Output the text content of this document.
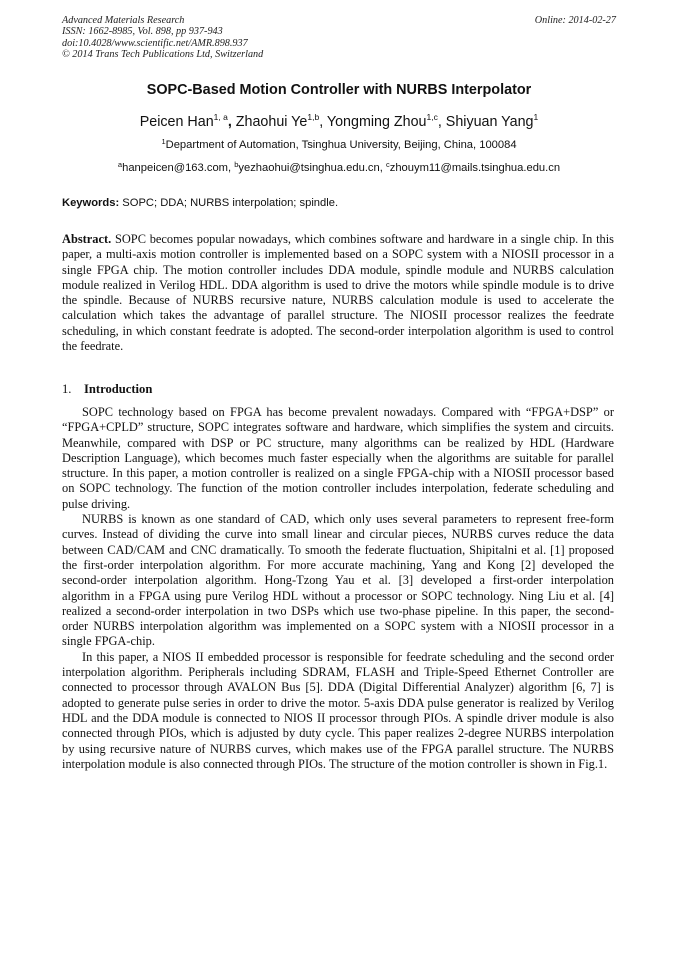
Advanced Materials Research
ISSN: 1662-8985, Vol. 898, pp 937-943
doi:10.4028/www.scientific.net/AMR.898.937
© 2014 Trans Tech Publications Ltd, Switzerland
Online: 2014-02-27
SOPC-Based Motion Controller with NURBS Interpolator
Peicen Han$^{1, a}$, Zhaohui Ye$^{1,b}$, Yongming Zhou$^{1,c}$, Shiyuan Yang$^1$
$^1$Department of Automation, Tsinghua University, Beijing, China, 100084
$^a$hanpeicen@163.com, $^b$yezhaohui@tsinghua.edu.cn, $^c$zhouym11@mails.tsinghua.edu.cn
Keywords: SOPC; DDA; NURBS interpolation; spindle.
Abstract. SOPC becomes popular nowadays, which combines software and hardware in a single chip. In this paper, a multi-axis motion controller is implemented based on a SOPC system with a NIOSII processor in a single FPGA chip. The motion controller includes DDA module, spindle module and NURBS calculation module realized in Verilog HDL. DDA algorithm is used to drive the motors while spindle module is to drive the spindle. Because of NURBS recursive nature, NURBS calculation module is used to accelerate the calculation which takes the advantage of parallel structure. The NIOSII processor realizes the feedrate scheduling, in which constant feedrate is adopted. The second-order interpolation algorithm is used to control the feedrate.
1. Introduction

SOPC technology based on FPGA has become prevalent nowadays. Compared with “FPGA+DSP” or “FPGA+CPLD” structure, SOPC integrates software and hardware, which simplifies the system and circuits. Meanwhile, compared with DSP or PC structure, many algorithms can be realized by HDL (Hardware Description Language), which becomes much faster especially when the algorithms are suitable for parallel structure. In this paper, a motion controller is realized on a single FPGA-chip with a NIOSII processor based on SOPC technology. The function of the motion controller includes interpolation, federate scheduling and pulse driving.

NURBS is known as one standard of CAD, which only uses several parameters to represent free-form curves. Instead of dividing the curve into small linear and circular pieces, NURBS curves reduce the data between CAD/CAM and CNC dramatically. To smooth the federate fluctuation, Shipitalni et al. [1] proposed the first-order interpolation algorithm. For more accurate machining, Yang and Kong [2] developed the second-order interpolation algorithm. Hong-Tzong Yau et al. [3] developed a first-order interpolation algorithm in a FPGA using pure Verilog HDL without a processor or SOPC technology. Ning Liu et al. [4] realized a second-order interpolation in two DSPs which use two-phase pipeline. In this paper, the second-order NURBS interpolation algorithm was implemented on a SOPC system with a NIOSII processor in a single FPGA-chip.

In this paper, a NIOS II embedded processor is responsible for feedrate scheduling and the second order interpolation algorithm. Peripherals including SDRAM, FLASH and Triple-Speed Ethernet Controller are connected to processor through AVALON Bus [5]. DDA (Digital Differential Analyzer) algorithm [6, 7] is adopted to generate pulse series in order to drive the motor. 5-axis DDA pulse generator is realized by Verilog HDL and the DDA module is connected to NIOS II processor through PIOs. A spindle driver module is also connected through PIOs, which is adjusted by duty cycle. This paper realizes 2-degree NURBS interpolation by using recursive nature of NURBS curves, which makes use of the FPGA parallel structure. The NURBS interpolation module is also connected through PIOs. The structure of the motion controller is shown in Fig.1.
